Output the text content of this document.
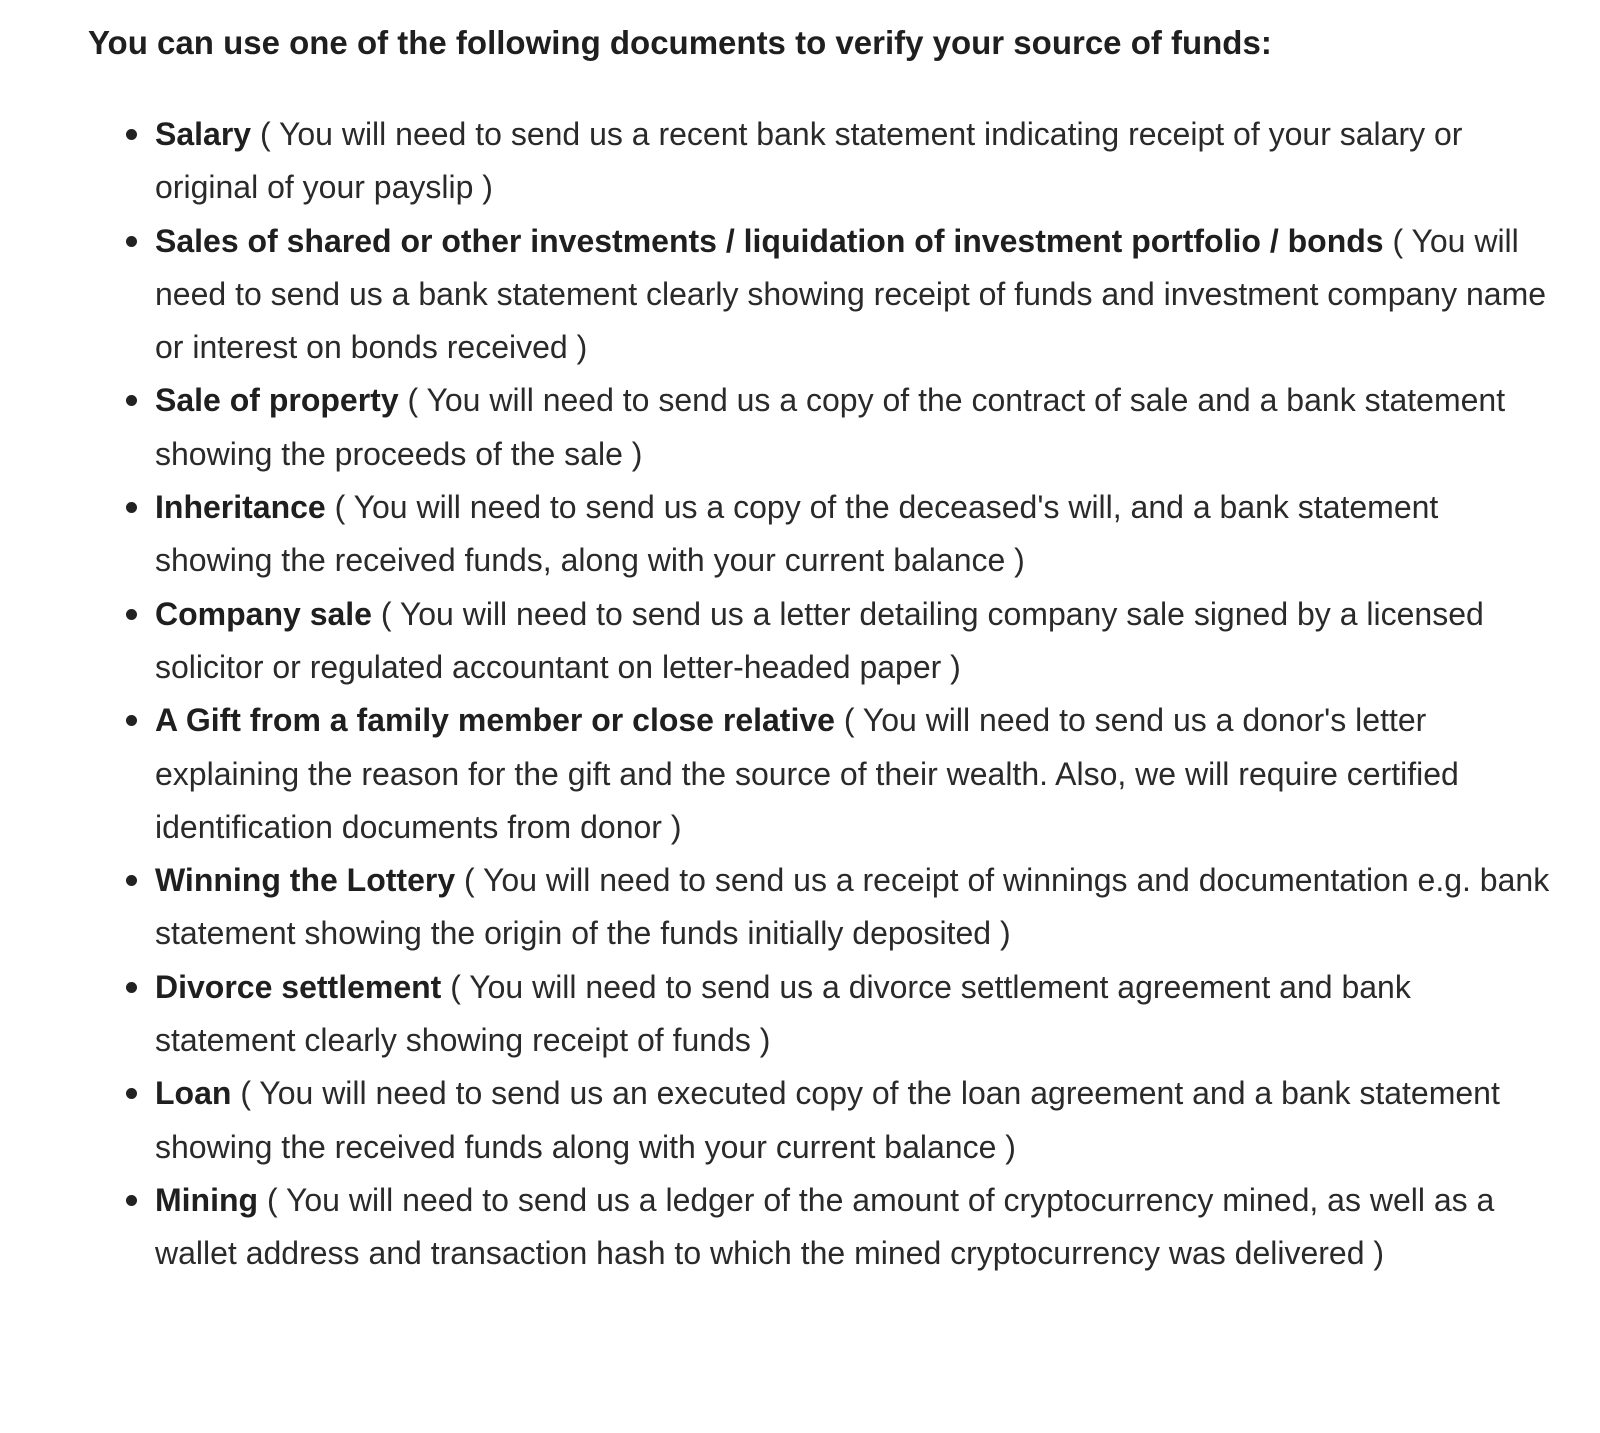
You can use one of the following documents to verify your source of funds:

Salary ( You will need to send us a recent bank statement indicating receipt of your salary or original of your payslip )
Sales of shared or other investments / liquidation of investment portfolio / bonds ( You will need to send us a bank statement clearly showing receipt of funds and investment company name or interest on bonds received )
Sale of property ( You will need to send us a copy of the contract of sale and a bank statement showing the proceeds of the sale )
Inheritance ( You will need to send us a copy of the deceased's will, and a bank statement showing the received funds, along with your current balance )
Company sale ( You will need to send us a letter detailing company sale signed by a licensed solicitor or regulated accountant on letter-headed paper )
A Gift from a family member or close relative ( You will need to send us a donor's letter explaining the reason for the gift and the source of their wealth. Also, we will require certified identification documents from donor )
Winning the Lottery ( You will need to send us a receipt of winnings and documentation e.g. bank statement showing the origin of the funds initially deposited )
Divorce settlement ( You will need to send us a divorce settlement agreement and bank statement clearly showing receipt of funds )
Loan ( You will need to send us an executed copy of the loan agreement and a bank statement showing the received funds along with your current balance )
Mining ( You will need to send us a ledger of the amount of cryptocurrency mined, as well as a wallet address and transaction hash to which the mined cryptocurrency was delivered )
